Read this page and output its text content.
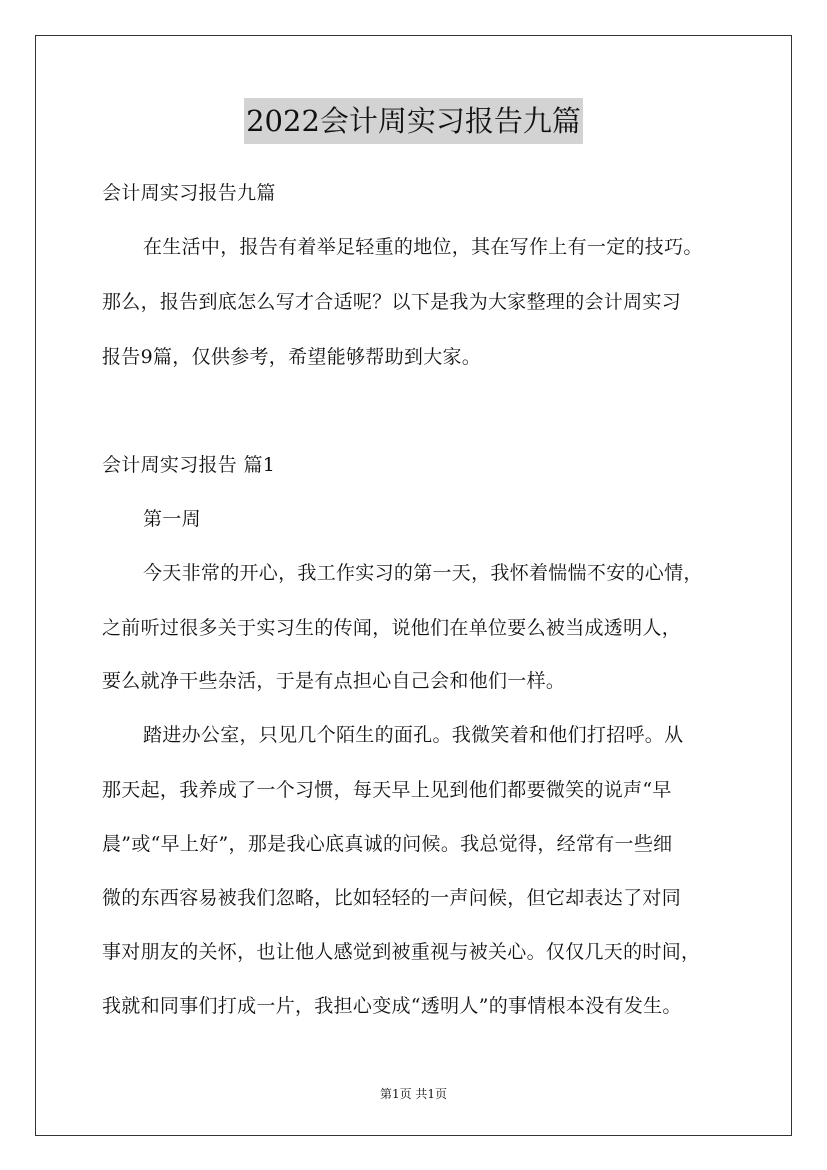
2022会计周实习报告九篇
会计周实习报告九篇
在生活中，报告有着举足轻重的地位，其在写作上有一定的技巧。
那么，报告到底怎么写才合适呢？以下是我为大家整理的会计周实习
报告9篇，仅供参考，希望能够帮助到大家。
会计周实习报告 篇1
第一周
今天非常的开心，我工作实习的第一天，我怀着惴惴不安的心情，
之前听过很多关于实习生的传闻，说他们在单位要么被当成透明人，
要么就净干些杂活，于是有点担心自己会和他们一样。
踏进办公室，只见几个陌生的面孔。我微笑着和他们打招呼。从
那天起，我养成了一个习惯，每天早上见到他们都要微笑的说声“早
晨”或“早上好”，那是我心底真诚的问候。我总觉得，经常有一些细
微的东西容易被我们忽略，比如轻轻的一声问候，但它却表达了对同
事对朋友的关怀，也让他人感觉到被重视与被关心。仅仅几天的时间，
我就和同事们打成一片，我担心变成“透明人”的事情根本没有发生。
第1页 共1页
